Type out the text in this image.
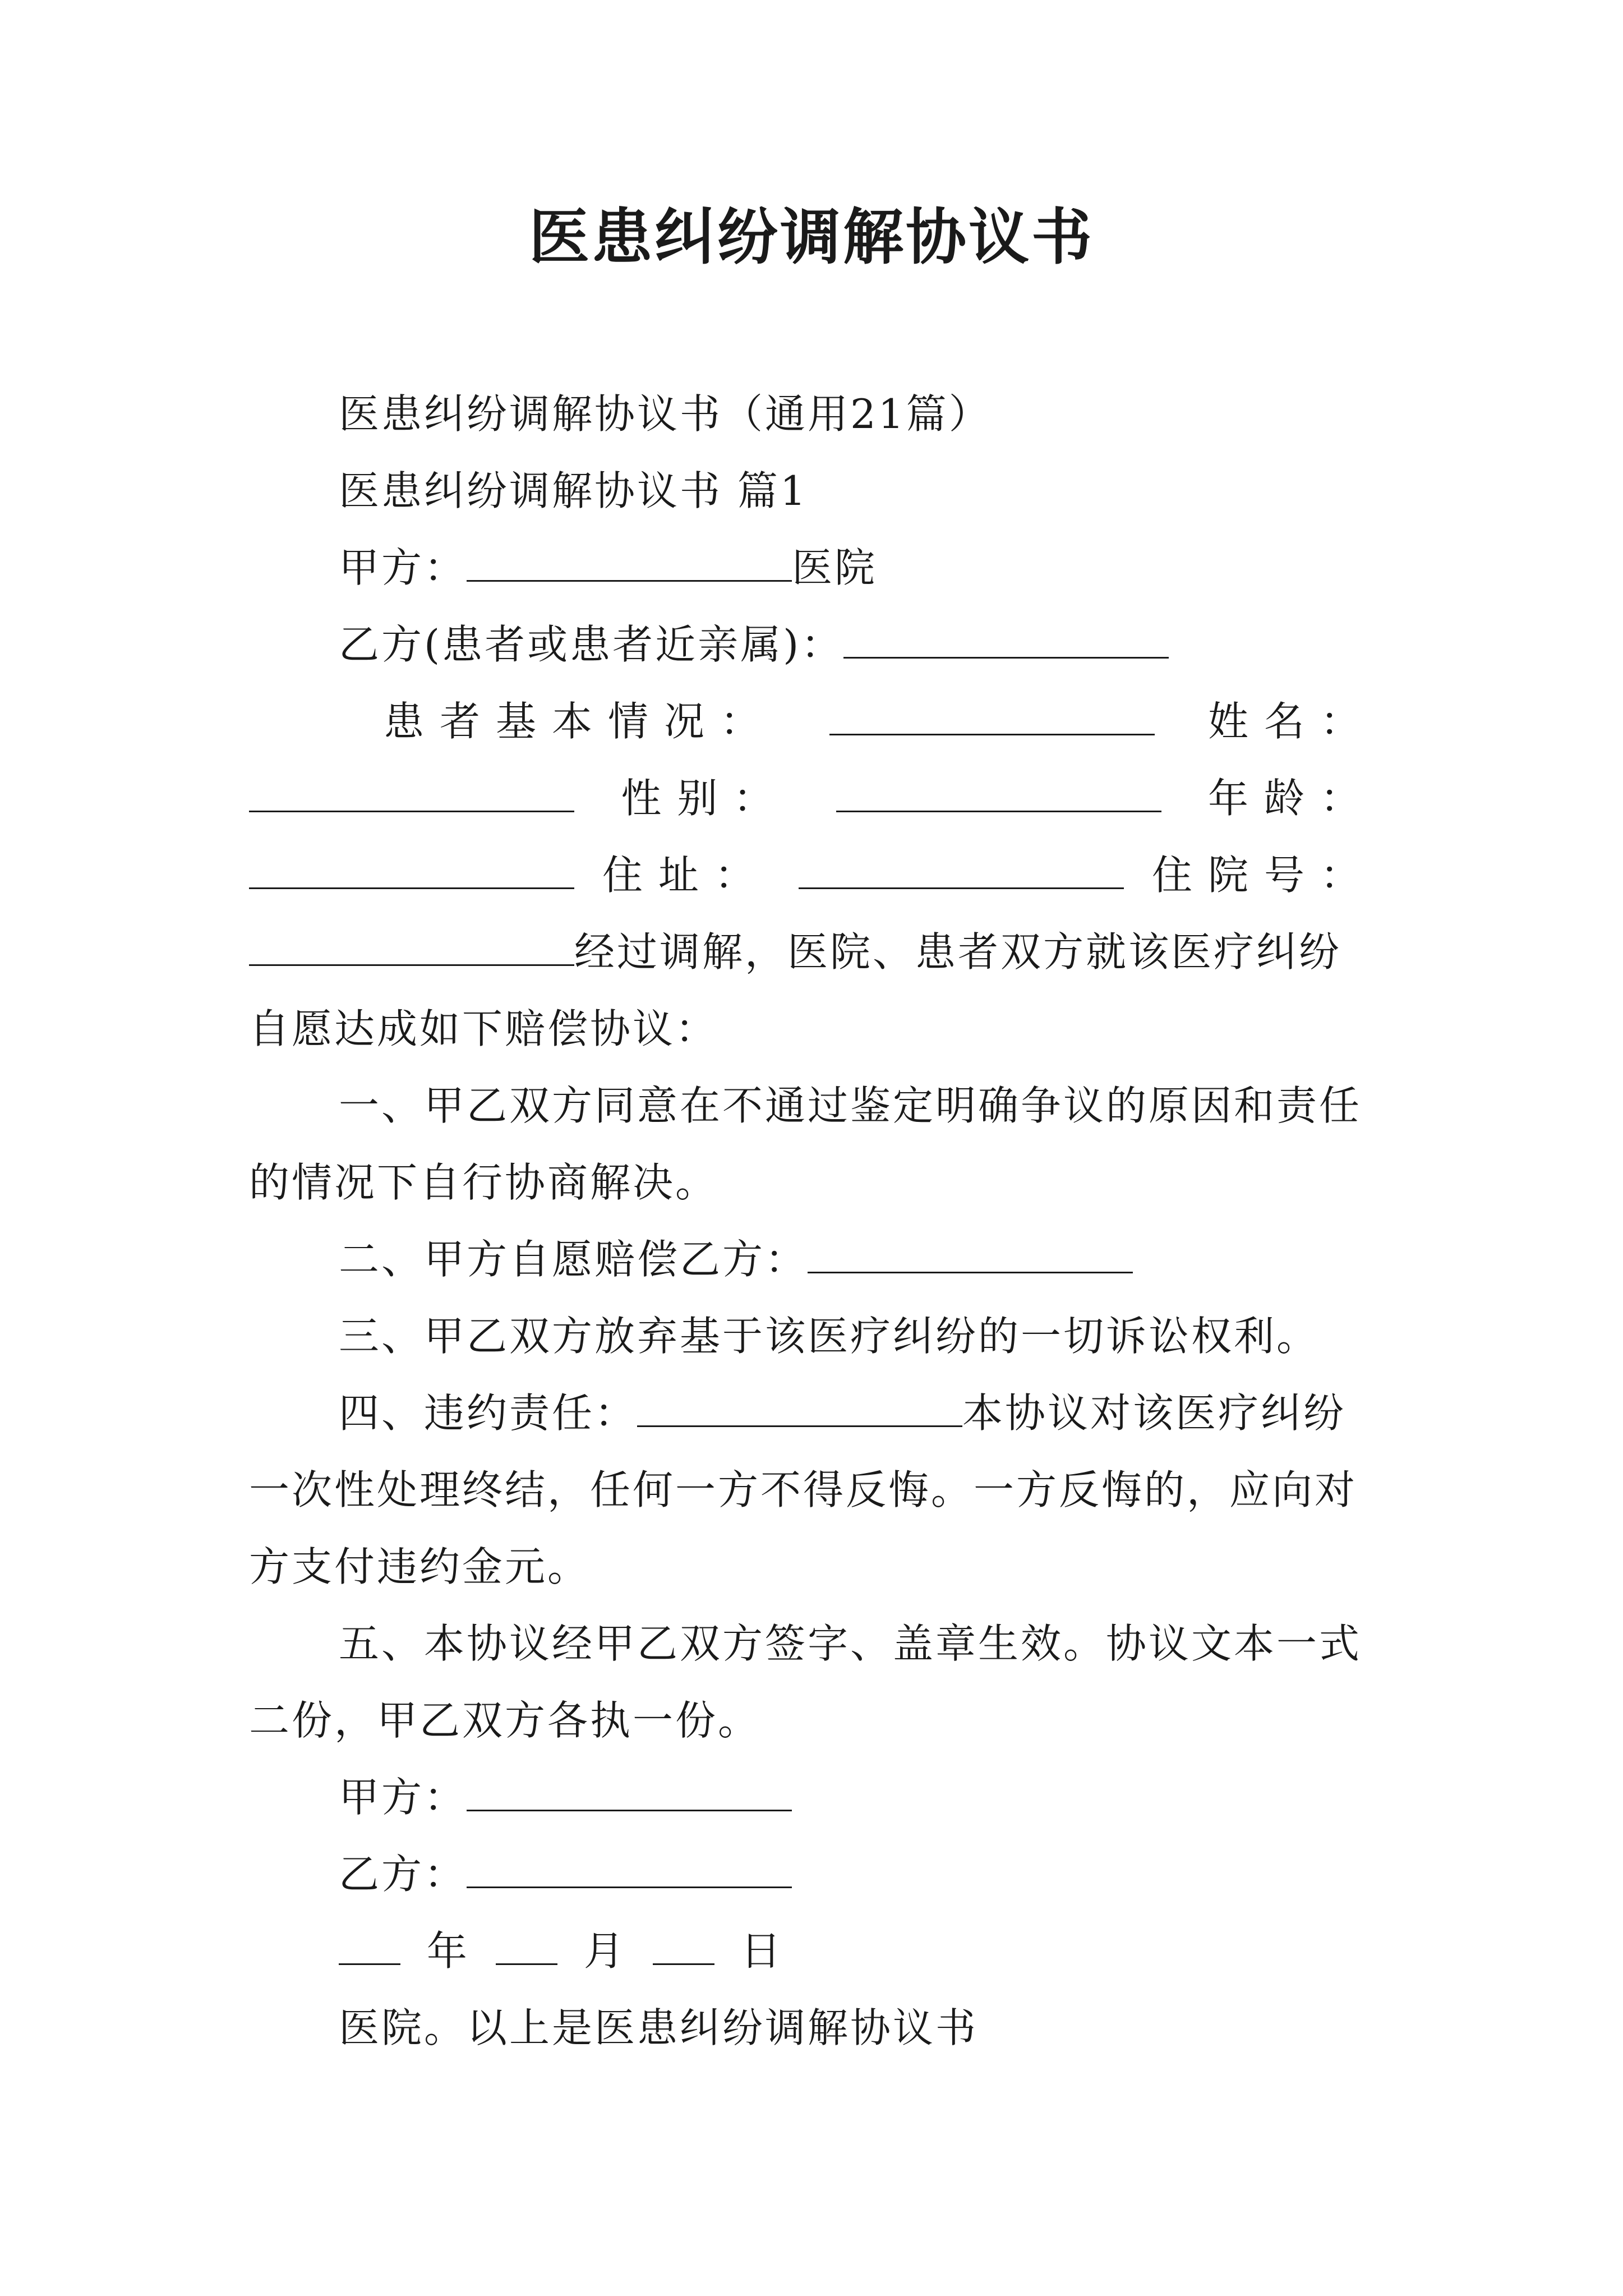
医患纠纷调解协议书
医患纠纷调解协议书（通用21篇）
医患纠纷调解协议书 篇1
甲方：	医院
乙方(患者或患者近亲属)：
患者基本情况：	姓名：
性别：	年龄：
住址：	住院号：
经过调解，医院、患者双方就该医疗纠纷
自愿达成如下赔偿协议：
一、甲乙双方同意在不通过鉴定明确争议的原因和责任
的情况下自行协商解决。
二、甲方自愿赔偿乙方：
三、甲乙双方放弃基于该医疗纠纷的一切诉讼权利。
四、违约责任：	本协议对该医疗纠纷
一次性处理终结，任何一方不得反悔。一方反悔的，应向对
方支付违约金元。
五、本协议经甲乙双方签字、盖章生效。协议文本一式
二份，甲乙双方各执一份。
甲方：
乙方：
年	月	日
医院。以上是医患纠纷调解协议书
